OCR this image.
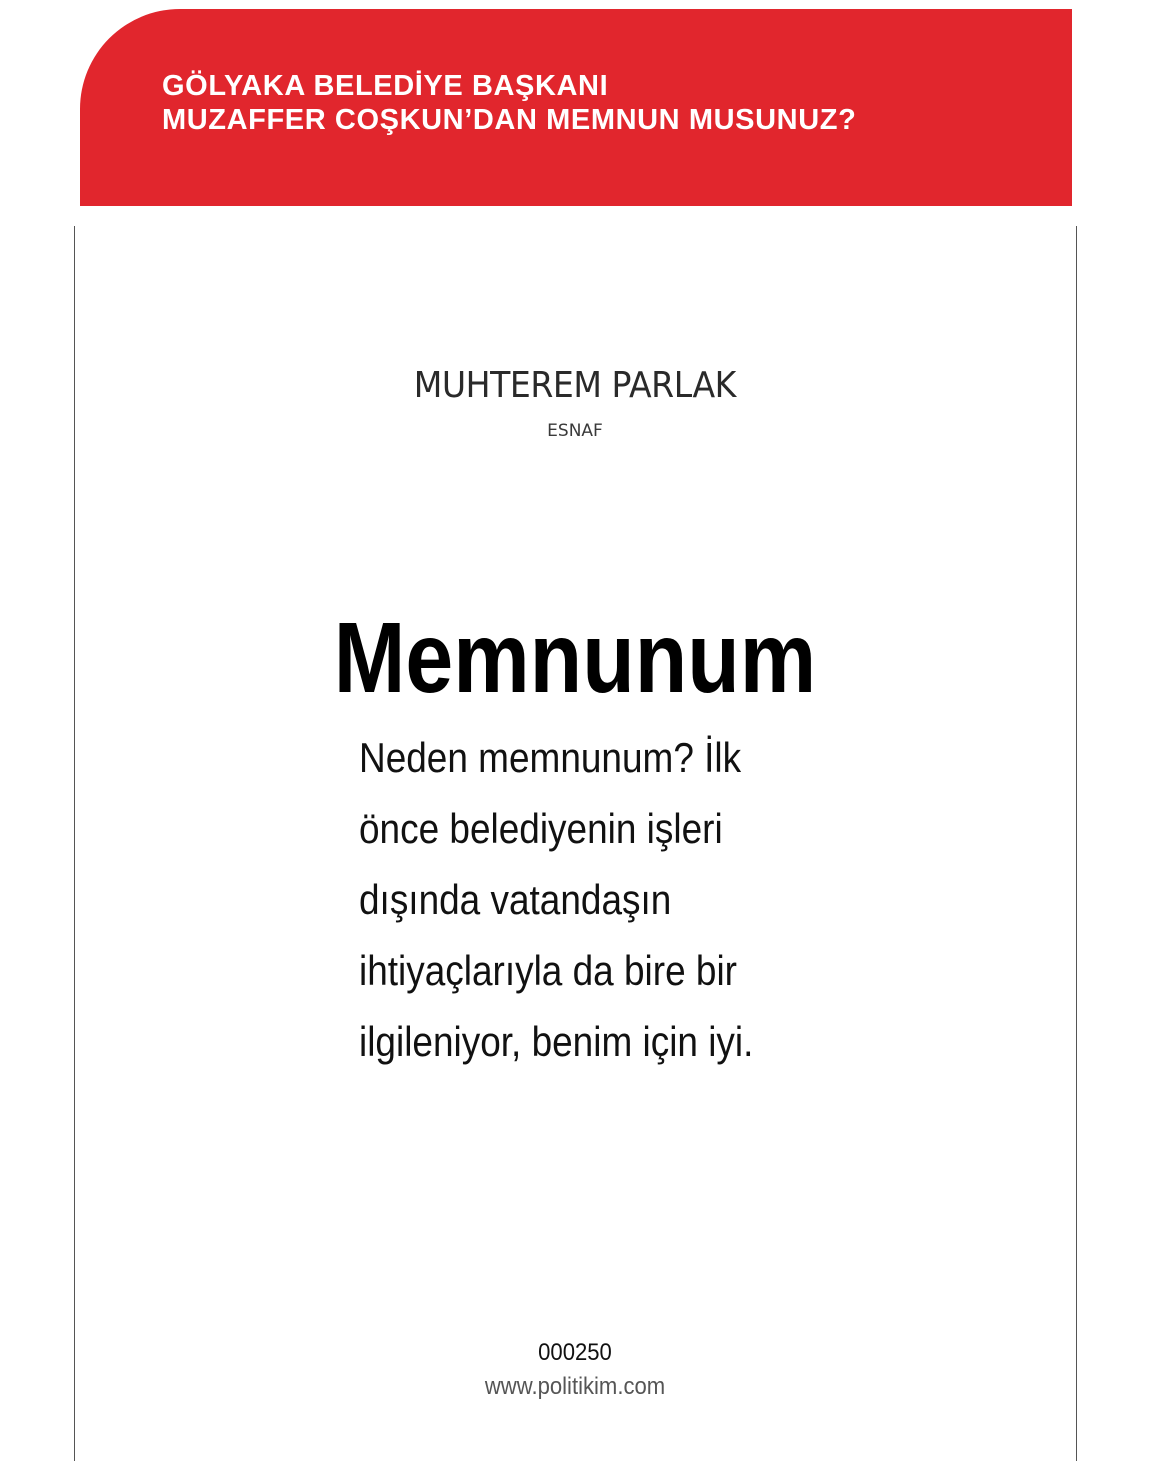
GÖLYAKA BELEDİYE BAŞKANI
MUZAFFER COŞKUN’DAN MEMNUN MUSUNUZ?
MUHTEREM PARLAK
ESNAF
Memnunum
Neden memnunum? İlk
önce belediyenin işleri
dışında vatandaşın
ihtiyaçlarıyla da bire bir
ilgileniyor, benim için iyi.
000250
www.politikim.com
